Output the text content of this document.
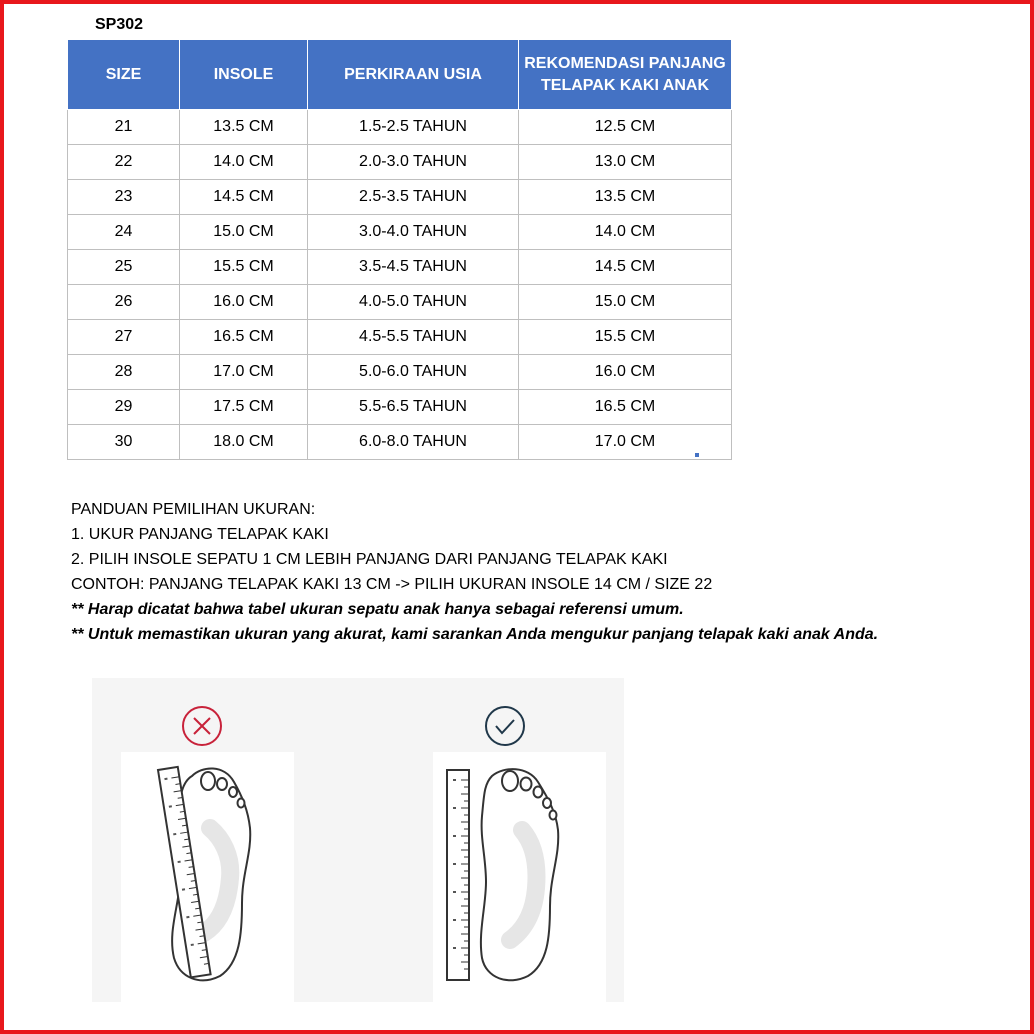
SP302
SIZE	INSOLE	PERKIRAAN USIA	REKOMENDASI PANJANG TELAPAK KAKI ANAK
21	13.5 CM	1.5-2.5 TAHUN	12.5 CM
22	14.0 CM	2.0-3.0 TAHUN	13.0 CM
23	14.5 CM	2.5-3.5 TAHUN	13.5 CM
24	15.0 CM	3.0-4.0 TAHUN	14.0 CM
25	15.5 CM	3.5-4.5 TAHUN	14.5 CM
26	16.0 CM	4.0-5.0 TAHUN	15.0 CM
27	16.5 CM	4.5-5.5 TAHUN	15.5 CM
28	17.0 CM	5.0-6.0 TAHUN	16.0 CM
29	17.5 CM	5.5-6.5 TAHUN	16.5 CM
30	18.0 CM	6.0-8.0 TAHUN	17.0 CM
PANDUAN PEMILIHAN UKURAN:
1. UKUR PANJANG TELAPAK KAKI
2. PILIH INSOLE SEPATU 1 CM LEBIH PANJANG DARI PANJANG TELAPAK KAKI
CONTOH: PANJANG TELAPAK KAKI 13 CM -> PILIH UKURAN INSOLE 14 CM / SIZE 22
** Harap dicatat bahwa tabel ukuran sepatu anak hanya sebagai referensi umum.
** Untuk memastikan ukuran yang akurat, kami sarankan Anda mengukur panjang telapak kaki anak Anda.
